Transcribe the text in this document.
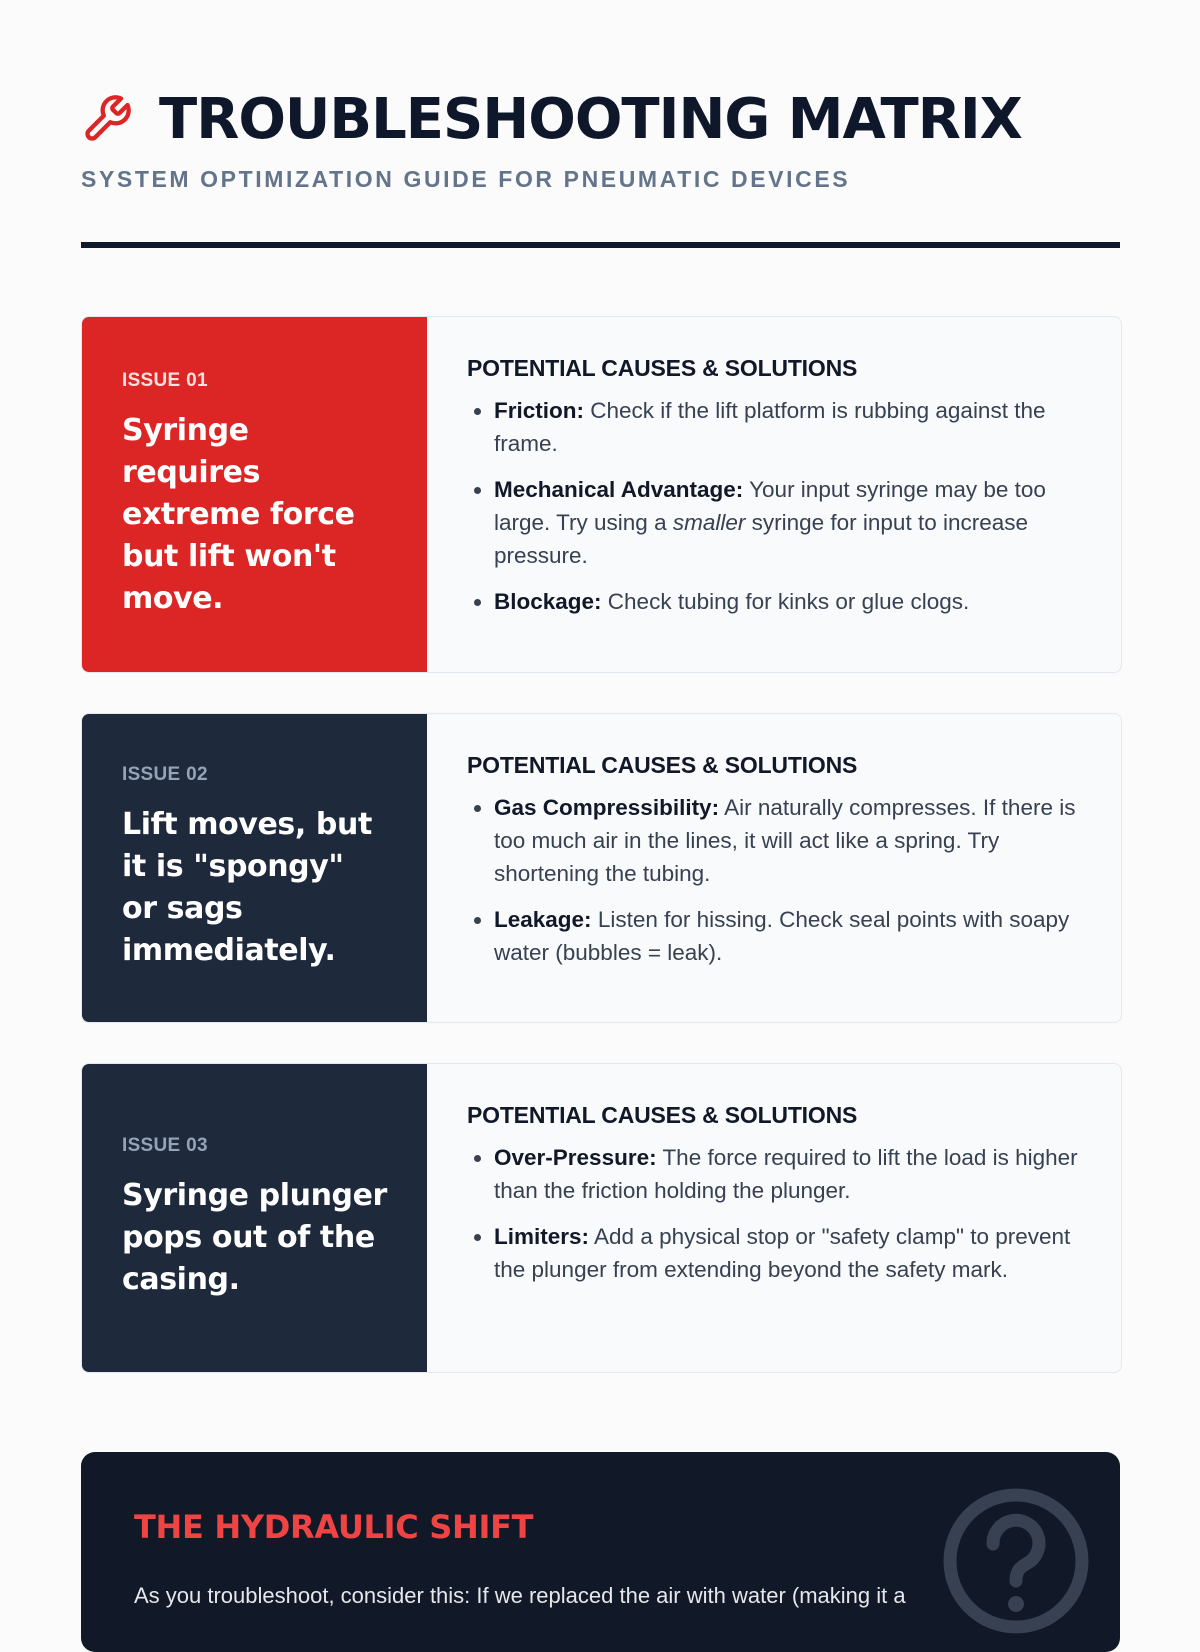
TROUBLESHOOTING MATRIX
SYSTEM OPTIMIZATION GUIDE FOR PNEUMATIC DEVICES
ISSUE 01
Syringe requires extreme force but lift won't move.
POTENTIAL CAUSES & SOLUTIONS
• Friction: Check if the lift platform is rubbing against the frame.
• Mechanical Advantage: Your input syringe may be too large. Try using a smaller syringe for input to increase pressure.
• Blockage: Check tubing for kinks or glue clogs.
ISSUE 02
Lift moves, but it is "spongy" or sags immediately.
POTENTIAL CAUSES & SOLUTIONS
• Gas Compressibility: Air naturally compresses. If there is too much air in the lines, it will act like a spring. Try shortening the tubing.
• Leakage: Listen for hissing. Check seal points with soapy water (bubbles = leak).
ISSUE 03
Syringe plunger pops out of the casing.
POTENTIAL CAUSES & SOLUTIONS
• Over-Pressure: The force required to lift the load is higher than the friction holding the plunger.
• Limiters: Add a physical stop or "safety clamp" to prevent the plunger from extending beyond the safety mark.
THE HYDRAULIC SHIFT
As you troubleshoot, consider this: If we replaced the air with water (making it a
